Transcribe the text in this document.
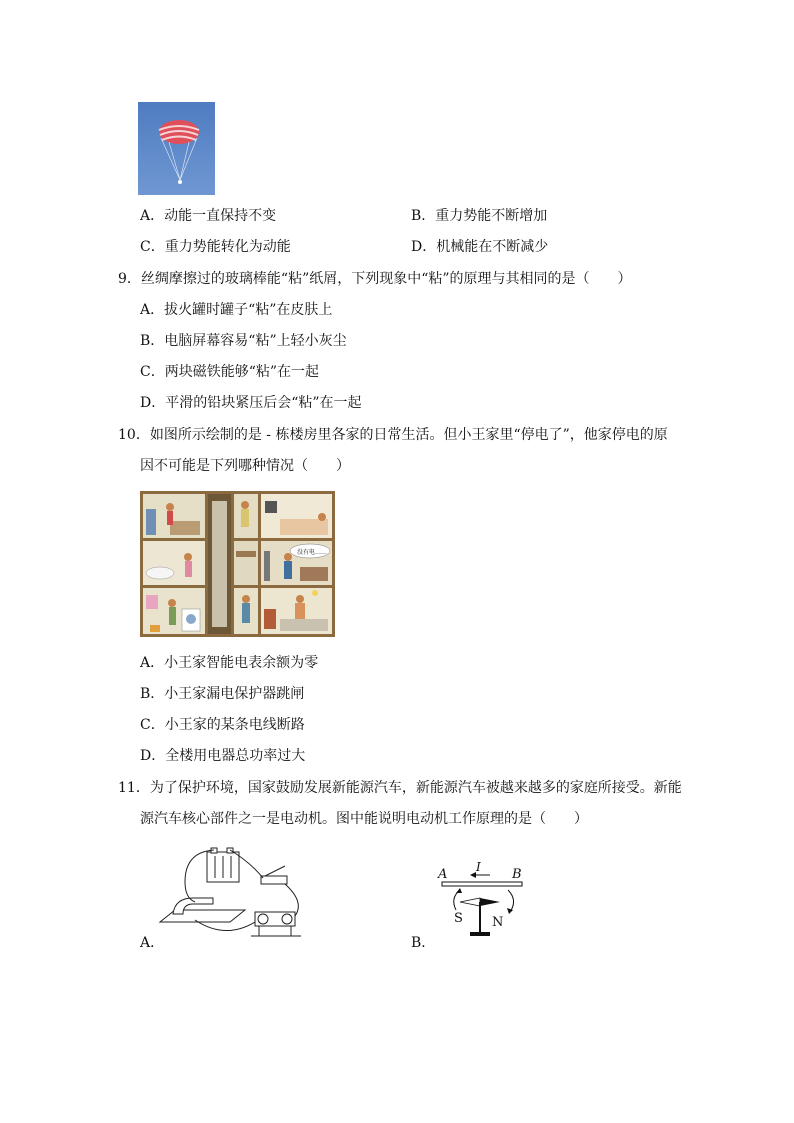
A．动能一直保持不变	B．重力势能不断增加
C．重力势能转化为动能	D．机械能在不断减少
9．丝绸摩擦过的玻璃棒能“粘”纸屑，下列现象中“粘”的原理与其相同的是（　　）
A．拔火罐时罐子“粘”在皮肤上
B．电脑屏幕容易“粘”上轻小灰尘
C．两块磁铁能够“粘”在一起
D．平滑的铅块紧压后会“粘”在一起
10．如图所示绘制的是 - 栋楼房里各家的日常生活。但小王家里“停电了”，他家停电的原
因不可能是下列哪种情况（　　）
没有电……
A．小王家智能电表余额为零
B．小王家漏电保护器跳闸
C．小王家的某条电线断路
D．全楼用电器总功率过大
11．为了保护环境，国家鼓励发展新能源汽车，新能源汽车被越来越多的家庭所接受。新能
源汽车核心部件之一是电动机。图中能说明电动机工作原理的是（　　）
A．
A	B
I
S N
B．
